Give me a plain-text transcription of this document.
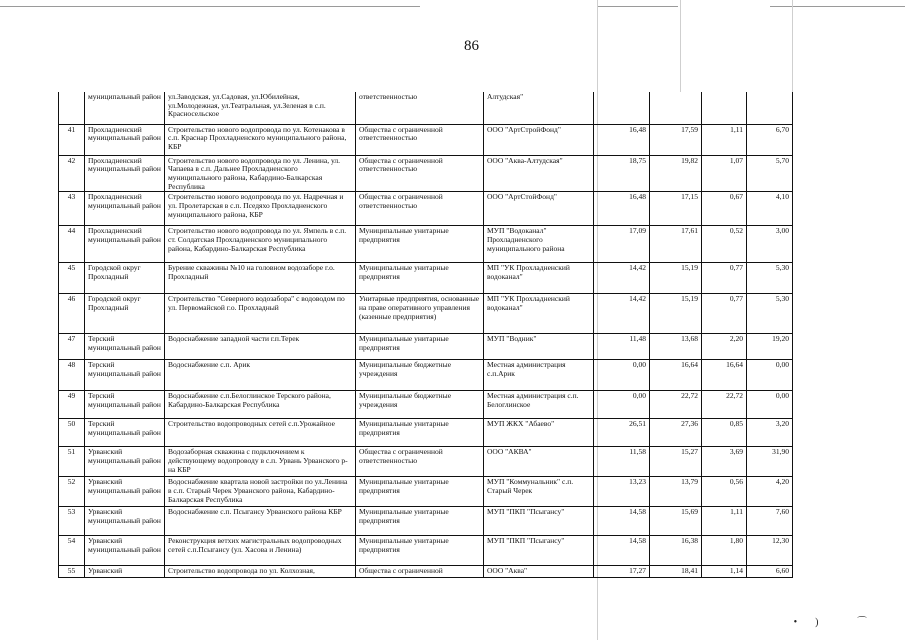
86
	муниципальный район	ул.Заводская, ул.Садовая, ул.Юбилейная, ул.Молодежная, ул.Театральная, ул.Зеленая в с.п. Красносельское	ответственностью	Алтудская"				
41	Прохладненский муниципальный район	Строительство нового водопровода по ул. Котенакова в с.п. Краснар Прохладненского муниципального района, КБР	Общества с ограниченной ответственностью	ООО "АртСтройФонд"	16,48	17,59	1,11	6,70
42	Прохладненский муниципальный район	Строительство нового водопровода по ул. Ленина, ул. Чапаева в с.п. Дальнее Прохладненского муниципального района, Кабардино-Балкарская Республика	Общества с ограниченной ответственностью	ООО "Аква-Алтудская"	18,75	19,82	1,07	5,70
43	Прохладненский муниципальный район	Строительство нового водопровода по ул. Надречная и ул. Пролетарская в с.п. Пседяхо Прохладненского муниципального района, КБР	Общества с ограниченной ответственностью	ООО "АртСтойФонд"	16,48	17,15	0,67	4,10
44	Прохладненский муниципальный район	Строительство нового водопровода по ул. Ямпель в с.п. ст. Солдатская Прохладненского муниципального района, Кабардино-Балкарская Республика	Муниципальные унитарные предприятия	МУП "Водоканал" Прохладненского муниципального района	17,09	17,61	0,52	3,00
45	Городской округ Прохладный	Бурение скважины №10 на головном водозаборе г.о. Прохладный	Муниципальные унитарные предприятия	МП "УК Прохладненский водоканал"	14,42	15,19	0,77	5,30
46	Городской округ Прохладный	Строительство "Северного водозабора" с водоводом по ул. Первомайской г.о. Прохладный	Унитарные предприятия, основанные на праве оперативного управления (казенные предприятия)	МП "УК Прохладненский водоканал"	14,42	15,19	0,77	5,30
47	Терский муниципальный район	Водоснабжение западной части г.п.Терек	Муниципальные унитарные предприятия	МУП "Водник"	11,48	13,68	2,20	19,20
48	Терский муниципальный район	Водоснабжение с.п. Арик	Муниципальные бюджетные учреждения	Местная администрация с.п.Арик	0,00	16,64	16,64	0,00
49	Терский муниципальный район	Водоснабжение с.п.Белоглинское Терского района, Кабардино-Балкарская Республика	Муниципальные бюджетные учреждения	Местная администрация с.п. Белоглинское	0,00	22,72	22,72	0,00
50	Терский муниципальный район	Строительство водопроводных сетей с.п.Урожайное	Муниципальные унитарные предприятия	МУП ЖКХ "Абаево"	26,51	27,36	0,85	3,20
51	Урванский муниципальный район	Водозаборная скважина с подключением к действующему водопроводу в с.п. Урвань Урванского р-на КБР	Общества с ограниченной ответственностью	ООО "АКВА"	11,58	15,27	3,69	31,90
52	Урванский муниципальный район	Водоснабжение квартала новой застройки по ул.Ленина в с.п. Старый Черек Урванского района, Кабардино-Балкарская Республика	Муниципальные унитарные предприятия	МУП "Коммунальник" с.п. Старый Черек	13,23	13,79	0,56	4,20
53	Урванский муниципальный район	Водоснабжение с.п. Псыгансу Урванского района КБР	Муниципальные унитарные предприятия	МУП "ПКП "Псыгансу"	14,58	15,69	1,11	7,60
54	Урванский муниципальный район	Реконструкция ветхих магистральных водопроводных сетей с.п.Псыгансу (ул. Хасова и Ленина)	Муниципальные унитарные предприятия	МУП "ПКП "Псыгансу"	14,58	16,38	1,80	12,30
55	Урванский	Строительство водопровода по ул. Колхозная,	Общества с ограниченной	ООО "Аква"	17,27	18,41	1,14	6,60
•) ⌒
